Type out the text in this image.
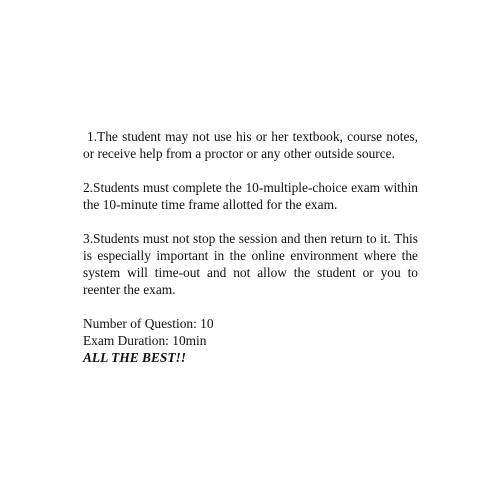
1.The student may not use his or her textbook, course notes, or receive help from a proctor or any other outside source.

2.Students must complete the 10-multiple-choice exam within the 10-minute time frame allotted for the exam.

3.Students must not stop the session and then return to it. This is especially important in the online environment where the system will time-out and not allow the student or you to reenter the exam.

Number of Question: 10

Exam Duration: 10min

ALL THE BEST!!
